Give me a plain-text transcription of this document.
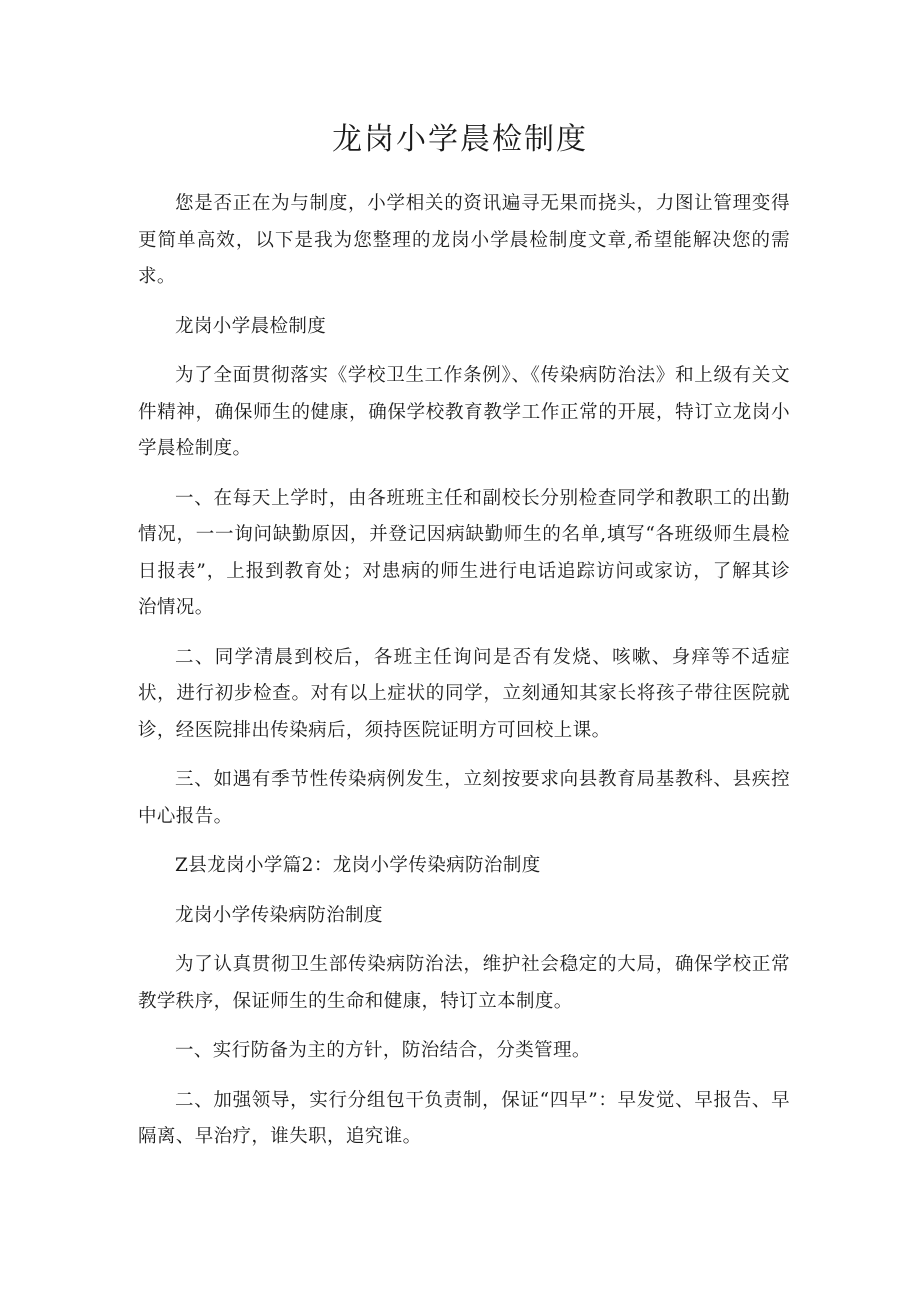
龙岗小学晨检制度

您是否正在为与制度，小学相关的资讯遍寻无果而挠头，力图让管理变得更简单高效，以下是我为您整理的龙岗小学晨检制度文章,希望能解决您的需求。

龙岗小学晨检制度

为了全面贯彻落实《学校卫生工作条例》、《传染病防治法》和上级有关文件精神，确保师生的健康，确保学校教育教学工作正常的开展，特订立龙岗小学晨检制度。

一、在每天上学时，由各班班主任和副校长分别检查同学和教职工的出勤情况，一一询问缺勤原因，并登记因病缺勤师生的名单,填写“各班级师生晨检日报表”，上报到教育处；对患病的师生进行电话追踪访问或家访，了解其诊治情况。

二、同学清晨到校后，各班主任询问是否有发烧、咳嗽、身痒等不适症状，进行初步检查。对有以上症状的同学，立刻通知其家长将孩子带往医院就诊，经医院排出传染病后，须持医院证明方可回校上课。

三、如遇有季节性传染病例发生，立刻按要求向县教育局基教科、县疾控中心报告。

Z县龙岗小学篇2：龙岗小学传染病防治制度

龙岗小学传染病防治制度

为了认真贯彻卫生部传染病防治法，维护社会稳定的大局，确保学校正常教学秩序，保证师生的生命和健康，特订立本制度。

一、实行防备为主的方针，防治结合，分类管理。

二、加强领导，实行分组包干负责制，保证“四早”：早发觉、早报告、早隔离、早治疗，谁失职，追究谁。
